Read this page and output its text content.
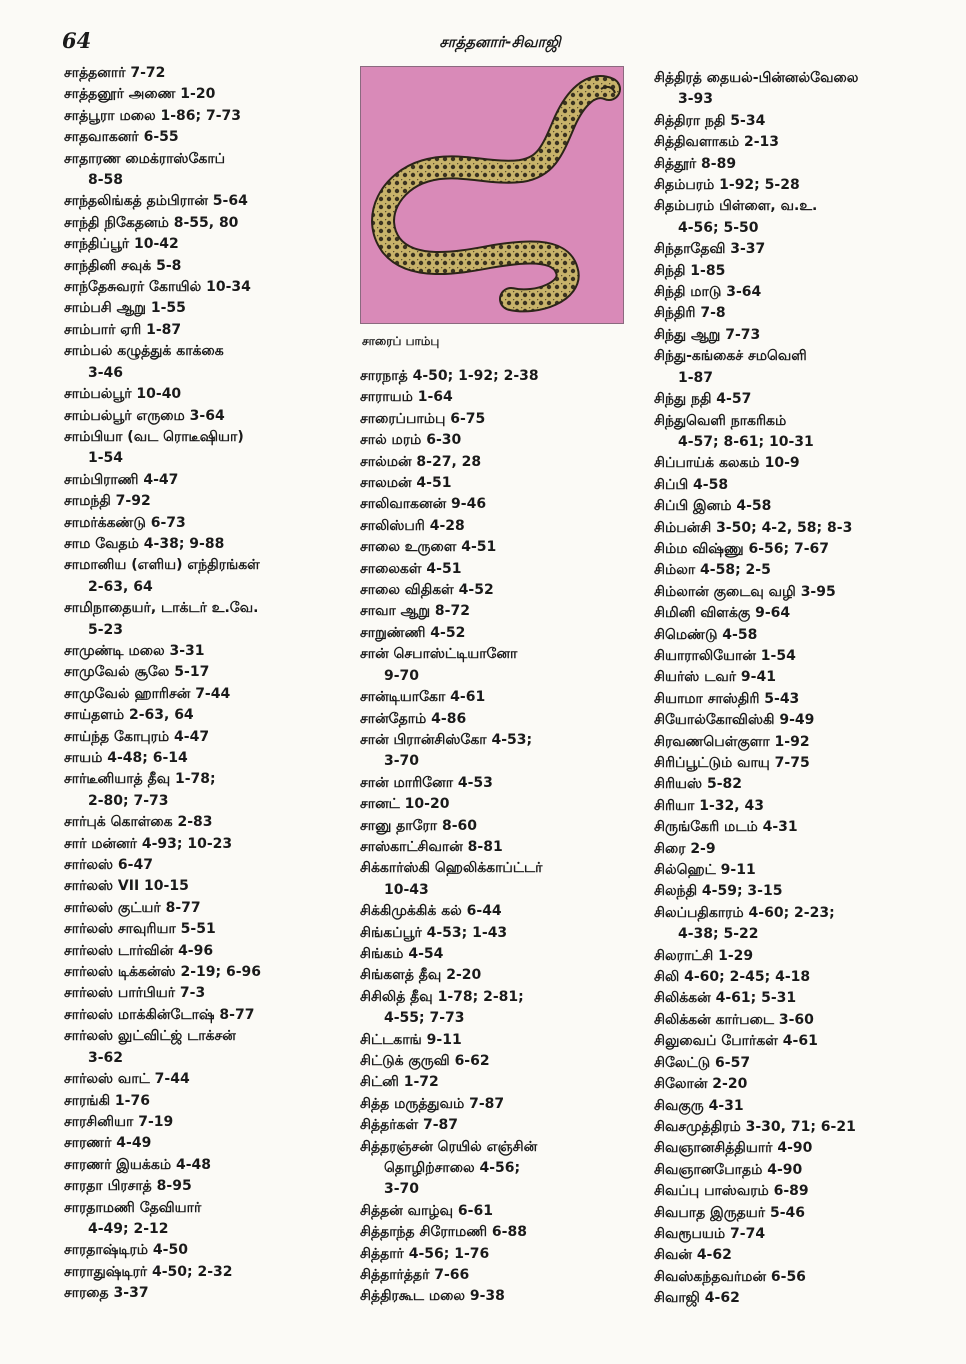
64	சாத்தனார்-சிவாஜி
சாத்தனார் 7-72
சாத்தனூர் அணை 1-20
சாத்பூரா மலை 1-86; 7-73
சாதவாகனர் 6-55
சாதாரண மைக்ராஸ்கோப்
8-58
சாந்தலிங்கத் தம்பிரான் 5-64
சாந்தி நிகேதனம் 8-55, 80
சாந்திப்பூர் 10-42
சாந்தினி சவுக் 5-8
சாந்தேசுவரர் கோயில் 10-34
சாம்பசி ஆறு 1-55
சாம்பார் ஏரி 1-87
சாம்பல் கழுத்துக் காக்கை
3-46
சாம்பல்பூர் 10-40
சாம்பல்பூர் எருமை 3-64
சாம்பியா (வட ரொடீஷியா)
1-54
சாம்பிராணி 4-47
சாமந்தி 7-92
சாமர்க்கண்டு 6-73
சாம வேதம் 4-38; 9-88
சாமானிய (எளிய) எந்திரங்கள்
2-63, 64
சாமிநாதையர், டாக்டர் உ.வே.
5-23
சாமுண்டி மலை 3-31
சாமுவேல் சூலே 5-17
சாமுவேல் ஹாரிசன் 7-44
சாய்தளம் 2-63, 64
சாய்ந்த கோபுரம் 4-47
சாயம் 4-48; 6-14
சார்டீனியாத் தீவு 1-78;
2-80; 7-73
சார்புக் கொள்கை 2-83
சார் மன்னர் 4-93; 10-23
சார்லஸ் 6-47
சார்லஸ் VII 10-15
சார்லஸ் குட்யர் 8-77
சார்லஸ் சாவுரியா 5-51
சார்லஸ் டார்வின் 4-96
சார்லஸ் டிக்கன்ஸ் 2-19; 6-96
சார்லஸ் பார்பியர் 7-3
சார்லஸ் மாக்கின்டோஷ் 8-77
சார்லஸ் லுட்விட்ஜ் டாக்சன்
3-62
சார்லஸ் வாட் 7-44
சாரங்கி 1-76
சாரசினியா 7-19
சாரணர் 4-49
சாரணர் இயக்கம் 4-48
சாரதா பிரசாத் 8-95
சாரதாமணி தேவியார்
4-49; 2-12
சாரதாஷ்டிரம் 4-50
சாராதுஷ்டிரர் 4-50; 2-32
சாரதை 3-37
சாரைப் பாம்பு
சாரநாத் 4-50; 1-92; 2-38
சாராயம் 1-64
சாரைப்பாம்பு 6-75
சால் மரம் 6-30
சால்மன் 8-27, 28
சாலமன் 4-51
சாலிவாகனன் 9-46
சாலிஸ்பரி 4-28
சாலை உருளை 4-51
சாலைகள் 4-51
சாலை விதிகள் 4-52
சாவா ஆறு 8-72
சாறுண்ணி 4-52
சான் செபாஸ்ட்டியானோ
9-70
சான்டியாகோ 4-61
சான்தோம் 4-86
சான் பிரான்சிஸ்கோ 4-53;
3-70
சான் மாரினோ 4-53
சானட் 10-20
சானு தாரோ 8-60
சாஸ்காட்சிவான் 8-81
சிக்கார்ஸ்கி ஹெலிக்காப்ட்டர்
10-43
சிக்கிமுக்கிக் கல் 6-44
சிங்கப்பூர் 4-53; 1-43
சிங்கம் 4-54
சிங்களத் தீவு 2-20
சிசிலித் தீவு 1-78; 2-81;
4-55; 7-73
சிட்டகாங் 9-11
சிட்டுக் குருவி 6-62
சிட்னி 1-72
சித்த மருத்துவம் 7-87
சித்தர்கள் 7-87
சித்தரஞ்சன் ரெயில் எஞ்சின்
தொழிற்சாலை 4-56;
3-70
சித்தன் வாழ்வு 6-61
சித்தாந்த சிரோமணி 6-88
சித்தார் 4-56; 1-76
சித்தார்த்தர் 7-66
சித்திரகூட மலை 9-38
சித்திரத் தையல்-பின்னல்வேலை
3-93
சித்திரா நதி 5-34
சித்திவளாகம் 2-13
சித்தூர் 8-89
சிதம்பரம் 1-92; 5-28
சிதம்பரம் பிள்ளை, வ.உ.
4-56; 5-50
சிந்தாதேவி 3-37
சிந்தி 1-85
சிந்தி மாடு 3-64
சிந்திரி 7-8
சிந்து ஆறு 7-73
சிந்து-கங்கைச் சமவெளி
1-87
சிந்து நதி 4-57
சிந்துவெளி நாகரிகம்
4-57; 8-61; 10-31
சிப்பாய்க் கலகம் 10-9
சிப்பி 4-58
சிப்பி இனம் 4-58
சிம்பன்சி 3-50; 4-2, 58; 8-3
சிம்ம விஷ்ணு 6-56; 7-67
சிம்லா 4-58; 2-5
சிம்லான் குடைவு வழி 3-95
சிமினி விளக்கு 9-64
சிமெண்டு 4-58
சியாராலியோன் 1-54
சியர்ஸ் டவர் 9-41
சியாமா சாஸ்திரி 5-43
சியோல்கோவிஸ்கி 9-49
சிரவணபெள்குளா 1-92
சிரிப்பூட்டும் வாயு 7-75
சிரியஸ் 5-82
சிரியா 1-32, 43
சிருங்கேரி மடம் 4-31
சிரை 2-9
சில்ஹெட் 9-11
சிலந்தி 4-59; 3-15
சிலப்பதிகாரம் 4-60; 2-23;
4-38; 5-22
சிலராட்சி 1-29
சிலி 4-60; 2-45; 4-18
சிலிக்கன் 4-61; 5-31
சிலிக்கன் கார்படை 3-60
சிலுவைப் போர்கள் 4-61
சிலேட்டு 6-57
சிலோன் 2-20
சிவகுரு 4-31
சிவசமுத்திரம் 3-30, 71; 6-21
சிவஞானசித்தியார் 4-90
சிவஞானபோதம் 4-90
சிவப்பு பாஸ்வரம் 6-89
சிவபாத இருதயர் 5-46
சிவரூபயம் 7-74
சிவன் 4-62
சிவஸ்கந்தவர்மன் 6-56
சிவாஜி 4-62
